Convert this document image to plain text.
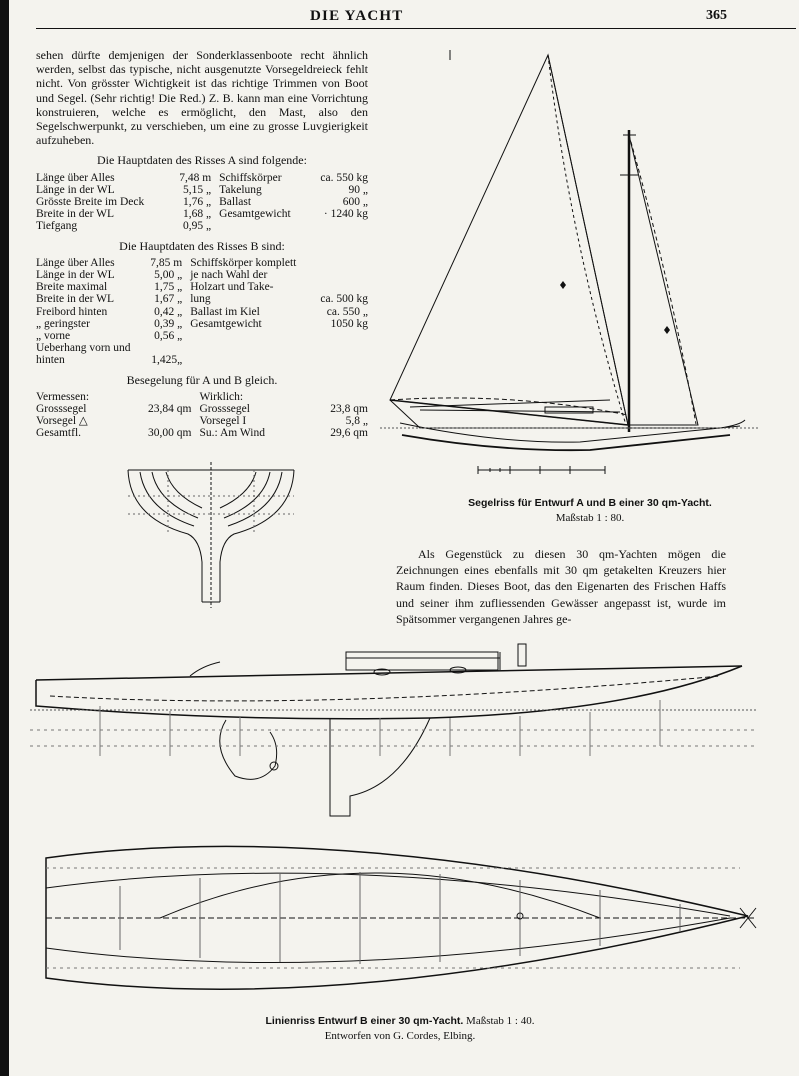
DIE YACHT	365

sehen dürfte demjenigen der Sonderklassenboote recht ähnlich werden, selbst das typische, nicht ausgenutzte Vorsegeldreieck fehlt nicht. Von grösster Wichtigkeit ist das richtige Trimmen von Boot und Segel. (Sehr richtig! Die Red.) Z. B. kann man eine Vorrichtung konstruieren, welche es ermöglicht, den Mast, also den Segelschwerpunkt, zu verschieben, um eine zu grosse Luvgierigkeit aufzuheben.

Die Hauptdaten des Risses A sind folgende:
Länge über Alles	7,48 m		Schiffskörper	ca. 550 kg
Länge in der WL	5,15 „		Takelung	90 „
Grösste Breite im Deck	1,76 „		Ballast	600 „
Breite in der WL	1,68 „		Gesamtgewicht	· 1240 kg
Tiefgang	0,95 „			
Die Hauptdaten des Risses B sind:
Länge über Alles	7,85 m		Schiffskörper komplett	
Länge in der WL	5,00 „		je nach Wahl der	
Breite maximal	1,75 „		Holzart und Take-	
Breite in der WL	1,67 „		lung	ca. 500 kg
Freibord hinten	0,42 „		Ballast im Kiel	ca. 550 „
„ geringster	0,39 „		Gesamtgewicht	1050 kg
„ vorne	0,56 „			
Ueberhang vorn und				
hinten	1,425„			
Besegelung für A und B gleich.
Vermessen:			Wirklich:	
Grosssegel	23,84 qm		Grosssegel	23,8 qm
Vorsegel △			Vorsegel I	5,8 „
Gesamtfl.	30,00 qm		Su.: Am Wind	29,6 qm
Segelriss für Entwurf A und B einer 30 qm-Yacht.
Maßstab 1 : 80.
Als Gegenstück zu diesen 30 qm-Yachten mögen die Zeichnungen eines ebenfalls mit 30 qm getakelten Kreuzers hier Raum finden. Dieses Boot, das den Eigenarten des Frischen Haffs und seiner ihm zufliessenden Gewässer angepasst ist, wurde im Spätsommer vergangenen Jahres ge-
Linienriss Entwurf B einer 30 qm-Yacht. Maßstab 1 : 40.
Entworfen von G. Cordes, Elbing.
